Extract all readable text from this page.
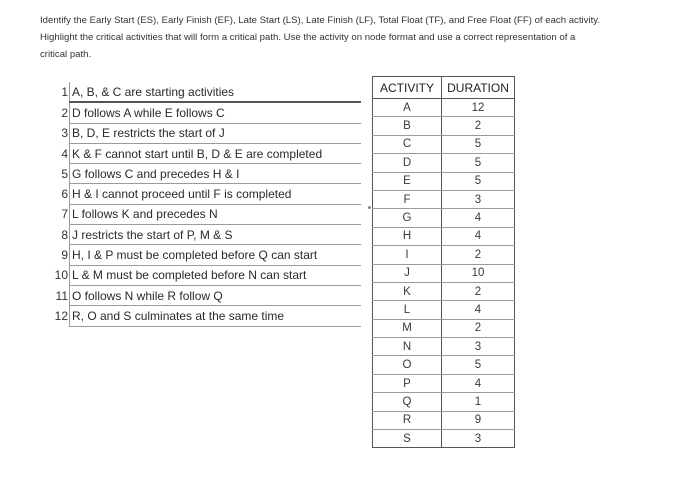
Identify the Early Start (ES), Early Finish (EF), Late Start (LS), Late Finish (LF), Total Float (TF), and Free Float (FF) of each activity.

Highlight the critical activities that will form a critical path. Use the activity on node format and use a correct representation of a

critical path.

1	A, B, & C are starting activities
2	D follows A while E follows C
3	B, D, E restricts the start of J
4	K & F cannot start until B, D & E are completed
5	G follows C and precedes H & I
6	H & I cannot proceed until F is completed
7	L follows K and precedes N
8	J restricts the start of P, M & S
9	H, I & P must be completed before Q can start
10	L & M must be completed before N can start
11	O follows N while R follow Q
12	R, O and S culminates at the same time
ACTIVITY	DURATION
A	12
B	2
C	5
D	5
E	5
F	3
G	4
H	4
I	2
J	10
K	2
L	4
M	2
N	3
O	5
P	4
Q	1
R	9
S	3
